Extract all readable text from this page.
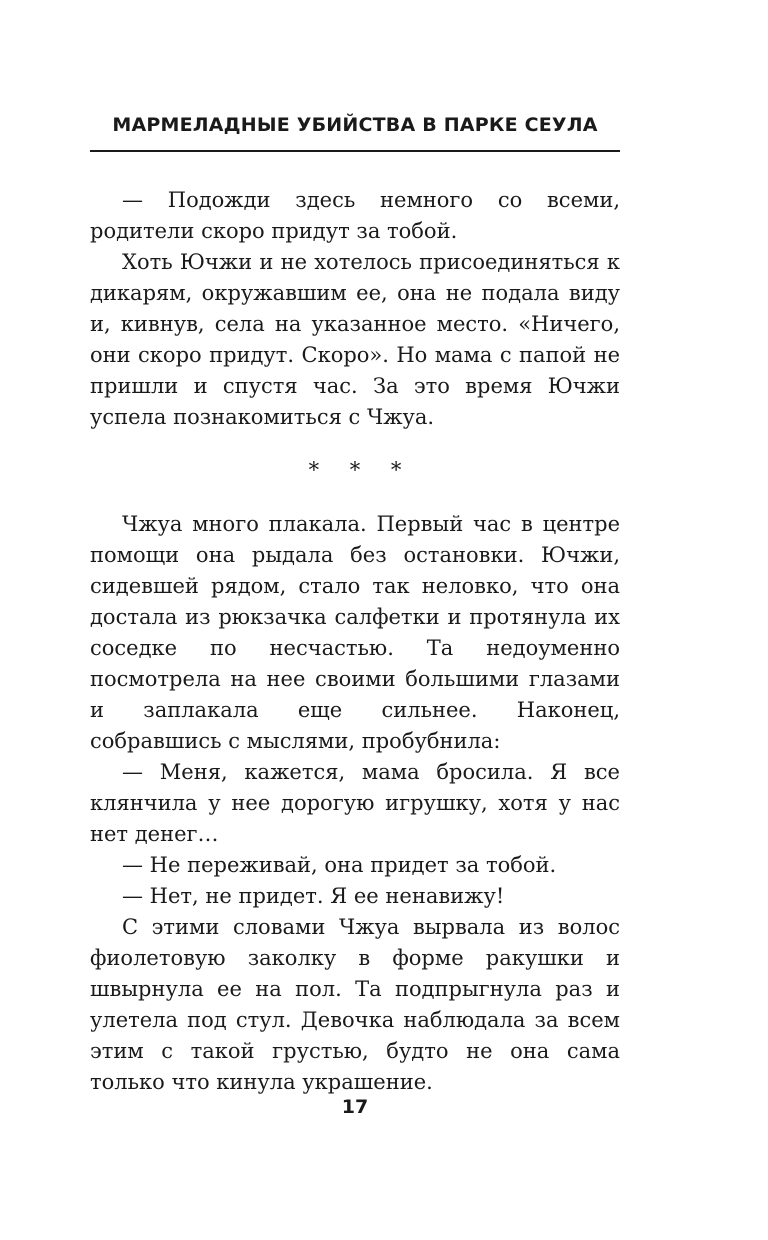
МАРМЕЛАДНЫЕ УБИЙСТВА В ПАРКЕ СЕУЛА

— Подожди здесь немного со всеми, родители скоро придут за тобой.

Хоть Ючжи и не хотелось присоединяться к дикарям, окружавшим ее, она не подала виду и, кивнув, села на указанное место. «Ничего, они скоро придут. Скоро». Но мама с папой не пришли и спустя час. За это время Ючжи успела познакомиться с Чжуа.

* * *

Чжуа много плакала. Первый час в центре помощи она рыдала без остановки. Ючжи, сидевшей рядом, стало так неловко, что она достала из рюкзачка салфетки и протянула их соседке по несчастью. Та недоуменно посмотрела на нее своими большими глазами и заплакала еще сильнее. Наконец, собравшись с мыслями, пробубнила:

— Меня, кажется, мама бросила. Я все клянчила у нее дорогую игрушку, хотя у нас нет денег…

— Не переживай, она придет за тобой.

— Нет, не придет. Я ее ненавижу!

С этими словами Чжуа вырвала из волос фиолетовую заколку в форме ракушки и швырнула ее на пол. Та подпрыгнула раз и улетела под стул. Девочка наблюдала за всем этим с такой грустью, будто не она сама только что кинула украшение.

17
